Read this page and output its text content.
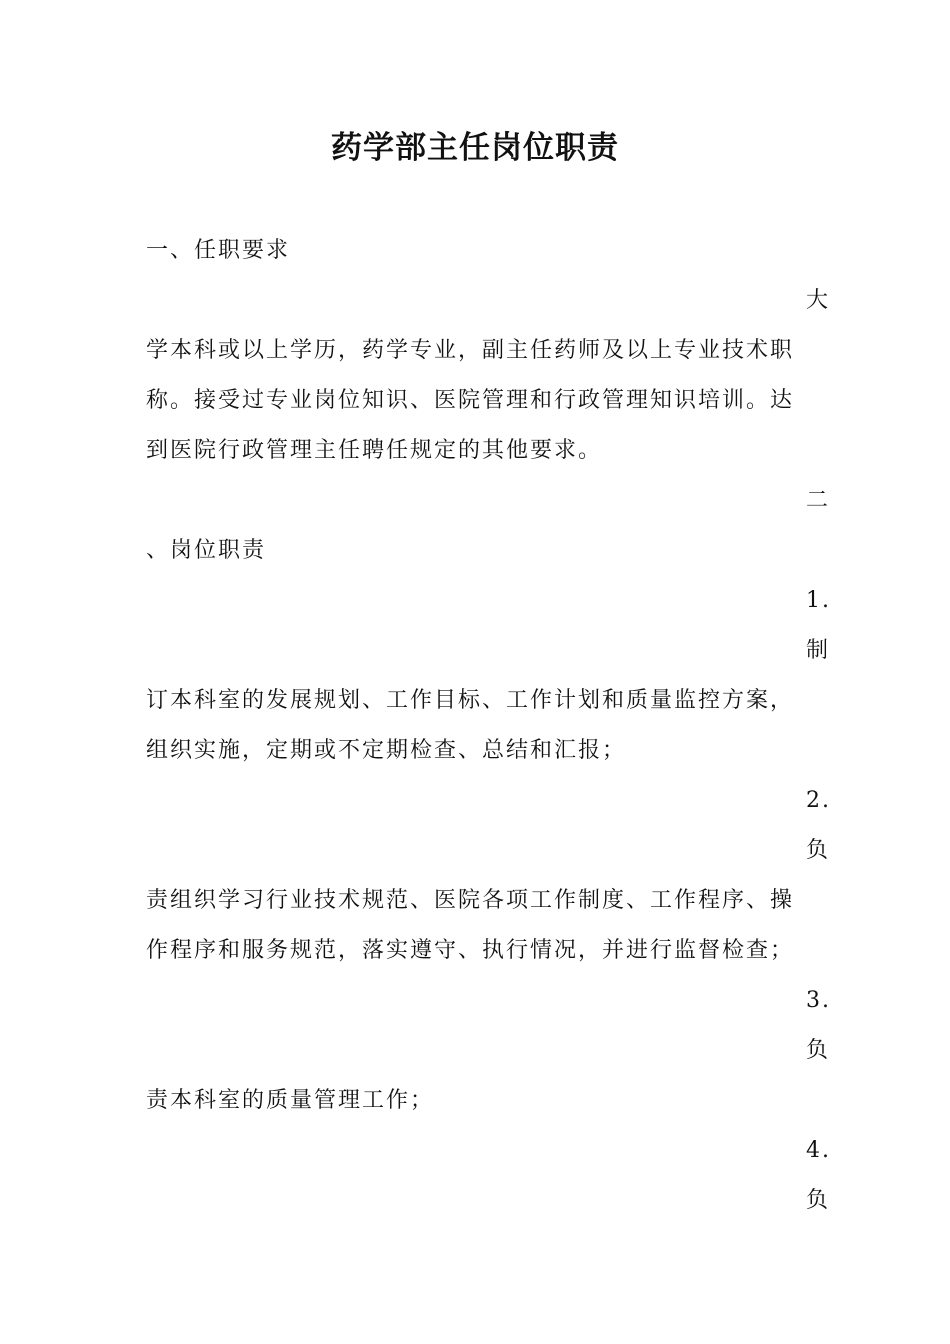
药学部主任岗位职责
一、任职要求
大
学本科或以上学历，药学专业，副主任药师及以上专业技术职
称。接受过专业岗位知识、医院管理和行政管理知识培训。达
到医院行政管理主任聘任规定的其他要求。
二
、岗位职责
1.
制
订本科室的发展规划、工作目标、工作计划和质量监控方案，
组织实施，定期或不定期检查、总结和汇报；
2.
负
责组织学习行业技术规范、医院各项工作制度、工作程序、操
作程序和服务规范，落实遵守、执行情况，并进行监督检查；
3.
负
责本科室的质量管理工作；
4.
负
